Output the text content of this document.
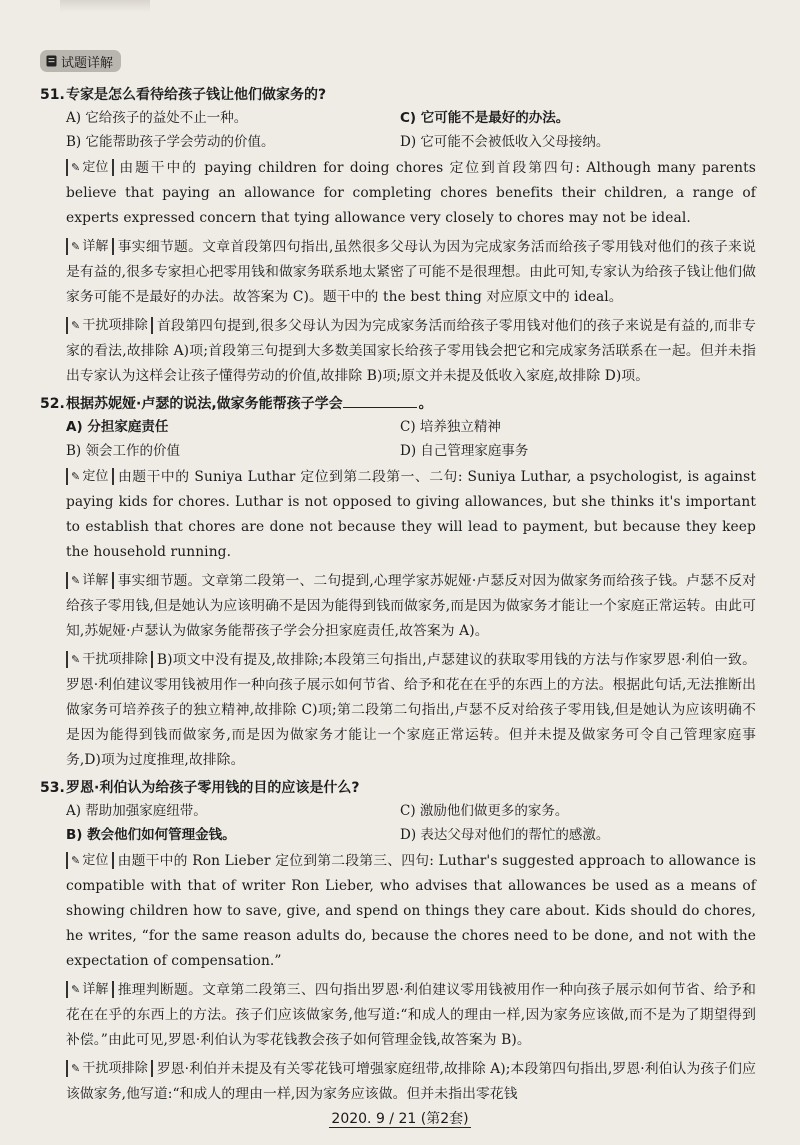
试题详解

51.专家是怎么看待给孩子钱让他们做家务的?

A) 它给孩子的益处不止一种。	C) 它可能不是最好的办法。
B) 它能帮助孩子学会劳动的价值。	D) 它可能不会被低收入父母接纳。

✎ 定位 由题干中的 paying children for doing chores 定位到首段第四句: Although many parents believe that paying an allowance for completing chores benefits their children, a range of experts expressed concern that tying allowance very closely to chores may not be ideal.

✎ 详解 事实细节题。文章首段第四句指出,虽然很多父母认为因为完成家务活而给孩子零用钱对他们的孩子来说是有益的,很多专家担心把零用钱和做家务联系地太紧密了可能不是很理想。由此可知,专家认为给孩子钱让他们做家务可能不是最好的办法。故答案为 C)。题干中的 the best thing 对应原文中的 ideal。

✎ 干扰项排除 首段第四句提到,很多父母认为因为完成家务活而给孩子零用钱对他们的孩子来说是有益的,而非专家的看法,故排除 A)项;首段第三句提到大多数美国家长给孩子零用钱会把它和完成家务活联系在一起。但并未指出专家认为这样会让孩子懂得劳动的价值,故排除 B)项;原文并未提及低收入家庭,故排除 D)项。

52.根据苏妮娅·卢瑟的说法,做家务能帮孩子学会	。

A) 分担家庭责任	C) 培养独立精神
B) 领会工作的价值	D) 自己管理家庭事务

✎ 定位 由题干中的 Suniya Luthar 定位到第二段第一、二句: Suniya Luthar, a psychologist, is against paying kids for chores. Luthar is not opposed to giving allowances, but she thinks it's important to establish that chores are done not because they will lead to payment, but because they keep the household running.

✎ 详解 事实细节题。文章第二段第一、二句提到,心理学家苏妮娅·卢瑟反对因为做家务而给孩子钱。卢瑟不反对给孩子零用钱,但是她认为应该明确不是因为能得到钱而做家务,而是因为做家务才能让一个家庭正常运转。由此可知,苏妮娅·卢瑟认为做家务能帮孩子学会分担家庭责任,故答案为 A)。

✎ 干扰项排除 B)项文中没有提及,故排除;本段第三句指出,卢瑟建议的获取零用钱的方法与作家罗恩·利伯一致。罗恩·利伯建议零用钱被用作一种向孩子展示如何节省、给予和花在在乎的东西上的方法。根据此句话,无法推断出做家务可培养孩子的独立精神,故排除 C)项;第二段第二句指出,卢瑟不反对给孩子零用钱,但是她认为应该明确不是因为能得到钱而做家务,而是因为做家务才能让一个家庭正常运转。但并未提及做家务可令自己管理家庭事务,D)项为过度推理,故排除。

53.罗恩·利伯认为给孩子零用钱的目的应该是什么?

A) 帮助加强家庭纽带。	C) 激励他们做更多的家务。
B) 教会他们如何管理金钱。	D) 表达父母对他们的帮忙的感激。

✎ 定位 由题干中的 Ron Lieber 定位到第二段第三、四句: Luthar's suggested approach to allowance is compatible with that of writer Ron Lieber, who advises that allowances be used as a means of showing children how to save, give, and spend on things they care about. Kids should do chores, he writes, “for the same reason adults do, because the chores need to be done, and not with the expectation of compensation.”

✎ 详解 推理判断题。文章第二段第三、四句指出罗恩·利伯建议零用钱被用作一种向孩子展示如何节省、给予和花在在乎的东西上的方法。孩子们应该做家务,他写道:“和成人的理由一样,因为家务应该做,而不是为了期望得到补偿。”由此可见,罗恩·利伯认为零花钱教会孩子如何管理金钱,故答案为 B)。

✎ 干扰项排除 罗恩·利伯并未提及有关零花钱可增强家庭纽带,故排除 A);本段第四句指出,罗恩·利伯认为孩子们应该做家务,他写道:“和成人的理由一样,因为家务应该做。但并未指出零花钱

2020. 9 / 21 (第2套)
